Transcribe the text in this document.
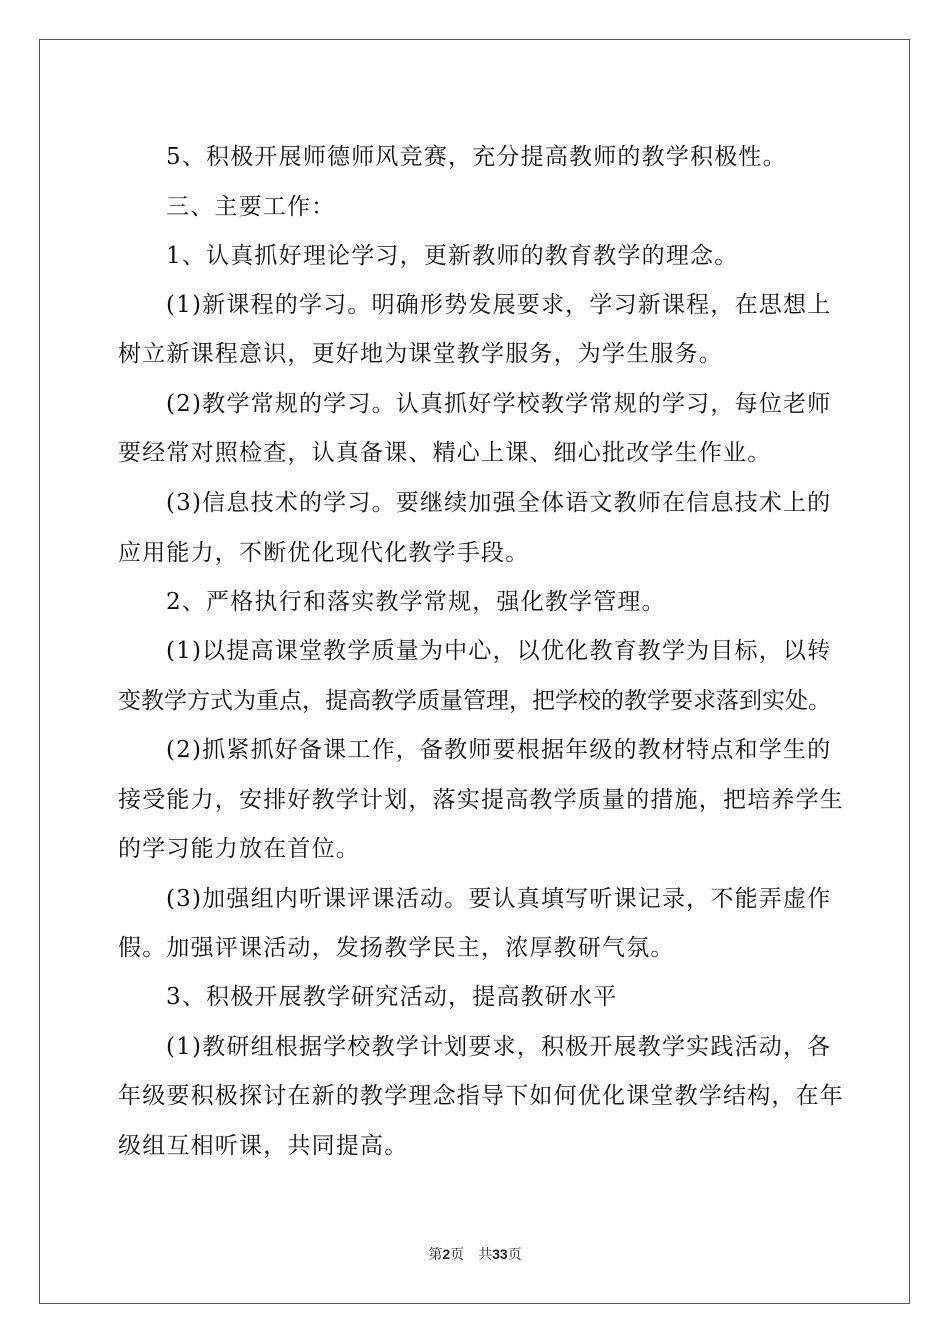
5、积极开展师德师风竞赛，充分提高教师的教学积极性。
三、主要工作：
1、认真抓好理论学习，更新教师的教育教学的理念。
(1)新课程的学习。明确形势发展要求，学习新课程，在思想上
树立新课程意识，更好地为课堂教学服务，为学生服务。
(2)教学常规的学习。认真抓好学校教学常规的学习，每位老师
要经常对照检查，认真备课、精心上课、细心批改学生作业。
(3)信息技术的学习。要继续加强全体语文教师在信息技术上的
应用能力，不断优化现代化教学手段。
2、严格执行和落实教学常规，强化教学管理。
(1)以提高课堂教学质量为中心，以优化教育教学为目标，以转
变教学方式为重点，提高教学质量管理，把学校的教学要求落到实处。
(2)抓紧抓好备课工作，备教师要根据年级的教材特点和学生的
接受能力，安排好教学计划，落实提高教学质量的措施，把培养学生
的学习能力放在首位。
(3)加强组内听课评课活动。要认真填写听课记录，不能弄虚作
假。加强评课活动，发扬教学民主，浓厚教研气氛。
3、积极开展教学研究活动，提高教研水平
(1)教研组根据学校教学计划要求，积极开展教学实践活动，各
年级要积极探讨在新的教学理念指导下如何优化课堂教学结构，在年
级组互相听课，共同提高。
第2页　共33页
